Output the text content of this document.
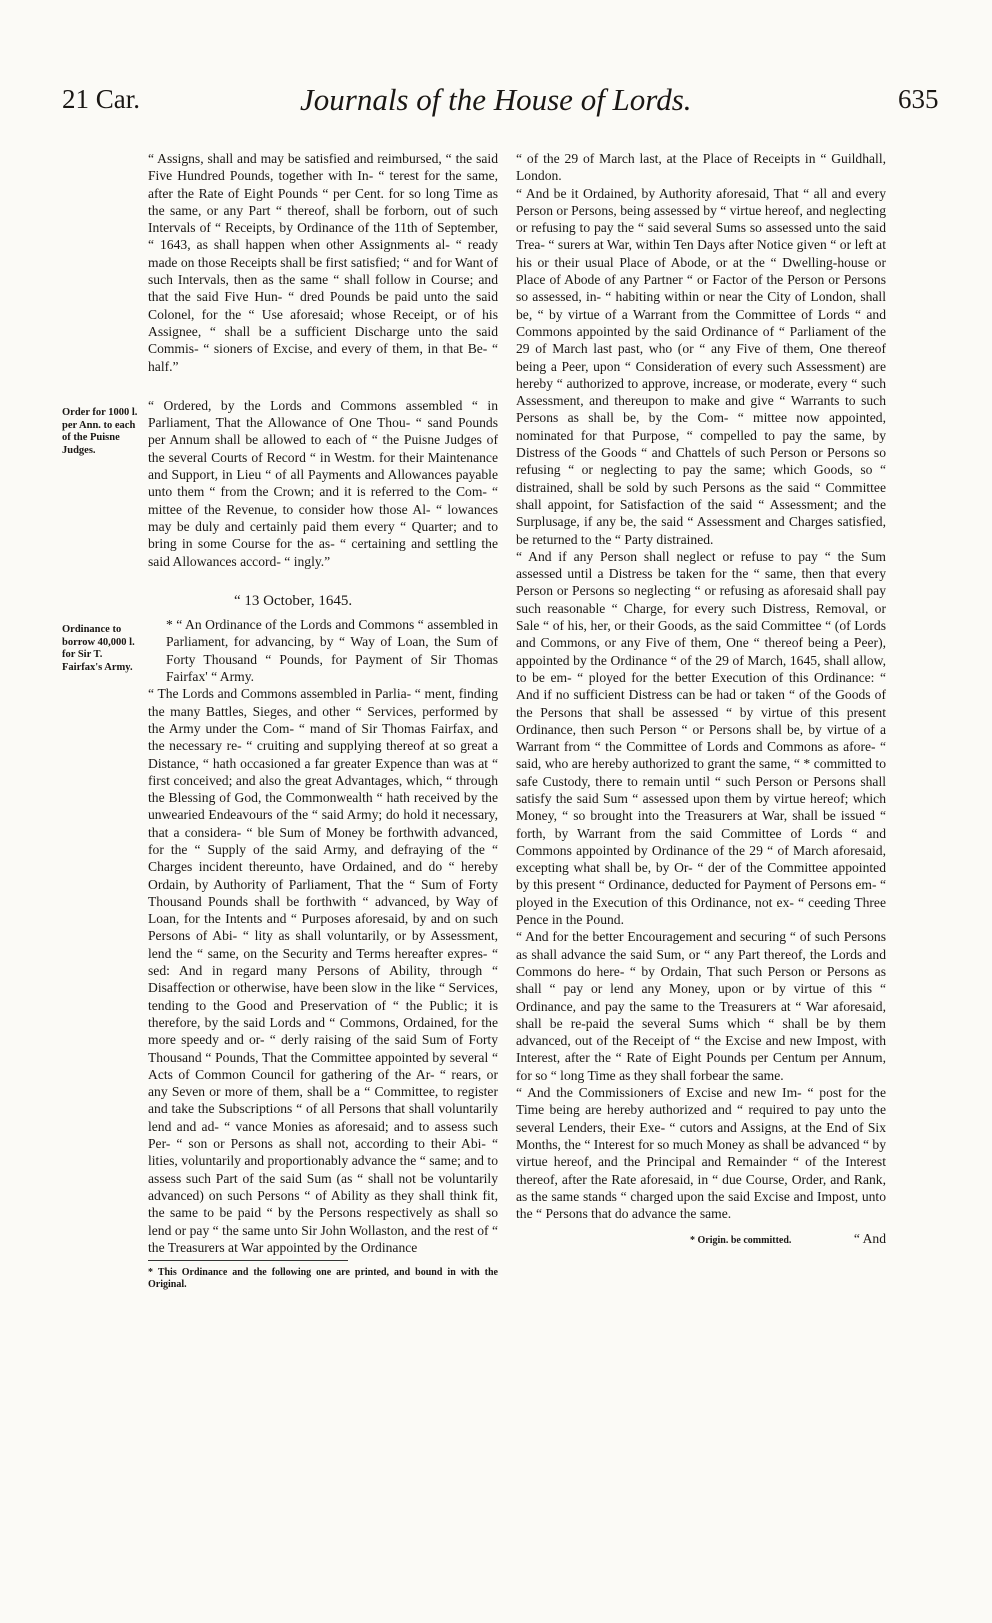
21 Car.	Journals of the House of Lords.	635
Order for 1000 l. per Ann. to each of the Puisne Judges.
Ordinance to borrow 40,000 l. for Sir T. Fairfax's Army.

“ Assigns, shall and may be satisfied and reimbursed, “ the said Five Hundred Pounds, together with In- “ terest for the same, after the Rate of Eight Pounds “ per Cent. for so long Time as the same, or any Part “ thereof, shall be forborn, out of such Intervals of “ Receipts, by Ordinance of the 11th of September, “ 1643, as shall happen when other Assignments al- “ ready made on those Receipts shall be first satisfied; “ and for Want of such Intervals, then as the same “ shall follow in Course; and that the said Five Hun- “ dred Pounds be paid unto the said Colonel, for the “ Use aforesaid; whose Receipt, or of his Assignee, “ shall be a sufficient Discharge unto the said Commis- “ sioners of Excise, and every of them, in that Be- “ half.”

“ Ordered, by the Lords and Commons assembled “ in Parliament, That the Allowance of One Thou- “ sand Pounds per Annum shall be allowed to each of “ the Puisne Judges of the several Courts of Record “ in Westm. for their Maintenance and Support, in Lieu “ of all Payments and Allowances payable unto them “ from the Crown; and it is referred to the Com- “ mittee of the Revenue, to consider how those Al- “ lowances may be duly and certainly paid them every “ Quarter; and to bring in some Course for the as- “ certaining and settling the said Allowances accord- “ ingly.”

“ 13 October, 1645.

* “ An Ordinance of the Lords and Commons “ assembled in Parliament, for advancing, by “ Way of Loan, the Sum of Forty Thousand “ Pounds, for Payment of Sir Thomas Fairfax' “ Army.

“ The Lords and Commons assembled in Parlia- “ ment, finding the many Battles, Sieges, and other “ Services, performed by the Army under the Com- “ mand of Sir Thomas Fairfax, and the necessary re- “ cruiting and supplying thereof at so great a Distance, “ hath occasioned a far greater Expence than was at “ first conceived; and also the great Advantages, which, “ through the Blessing of God, the Commonwealth “ hath received by the unwearied Endeavours of the “ said Army; do hold it necessary, that a considera- “ ble Sum of Money be forthwith advanced, for the “ Supply of the said Army, and defraying of the “ Charges incident thereunto, have Ordained, and do “ hereby Ordain, by Authority of Parliament, That the “ Sum of Forty Thousand Pounds shall be forthwith “ advanced, by Way of Loan, for the Intents and “ Purposes aforesaid, by and on such Persons of Abi- “ lity as shall voluntarily, or by Assessment, lend the “ same, on the Security and Terms hereafter expres- “ sed: And in regard many Persons of Ability, through “ Disaffection or otherwise, have been slow in the like “ Services, tending to the Good and Preservation of “ the Public; it is therefore, by the said Lords and “ Commons, Ordained, for the more speedy and or- “ derly raising of the said Sum of Forty Thousand “ Pounds, That the Committee appointed by several “ Acts of Common Council for gathering of the Ar- “ rears, or any Seven or more of them, shall be a “ Committee, to register and take the Subscriptions “ of all Persons that shall voluntarily lend and ad- “ vance Monies as aforesaid; and to assess such Per- “ son or Persons as shall not, according to their Abi- “ lities, voluntarily and proportionably advance the “ same; and to assess such Part of the said Sum (as “ shall not be voluntarily advanced) on such Persons “ of Ability as they shall think fit, the same to be paid “ by the Persons respectively as shall so lend or pay “ the same unto Sir John Wollaston, and the rest of “ the Treasurers at War appointed by the Ordinance

* This Ordinance and the following one are printed, and bound in with the Original.

“ of the 29 of March last, at the Place of Receipts in “ Guildhall, London.

“ And be it Ordained, by Authority aforesaid, That “ all and every Person or Persons, being assessed by “ virtue hereof, and neglecting or refusing to pay the “ said several Sums so assessed unto the said Trea- “ surers at War, within Ten Days after Notice given “ or left at his or their usual Place of Abode, or at the “ Dwelling-house or Place of Abode of any Partner “ or Factor of the Person or Persons so assessed, in- “ habiting within or near the City of London, shall be, “ by virtue of a Warrant from the Committee of Lords “ and Commons appointed by the said Ordinance of “ Parliament of the 29 of March last past, who (or “ any Five of them, One thereof being a Peer, upon “ Consideration of every such Assessment) are hereby “ authorized to approve, increase, or moderate, every “ such Assessment, and thereupon to make and give “ Warrants to such Persons as shall be, by the Com- “ mittee now appointed, nominated for that Purpose, “ compelled to pay the same, by Distress of the Goods “ and Chattels of such Person or Persons so refusing “ or neglecting to pay the same; which Goods, so “ distrained, shall be sold by such Persons as the said “ Committee shall appoint, for Satisfaction of the said “ Assessment; and the Surplusage, if any be, the said “ Assessment and Charges satisfied, be returned to the “ Party distrained.

“ And if any Person shall neglect or refuse to pay “ the Sum assessed until a Distress be taken for the “ same, then that every Person or Persons so neglecting “ or refusing as aforesaid shall pay such reasonable “ Charge, for every such Distress, Removal, or Sale “ of his, her, or their Goods, as the said Committee “ (of Lords and Commons, or any Five of them, One “ thereof being a Peer), appointed by the Ordinance “ of the 29 of March, 1645, shall allow, to be em- “ ployed for the better Execution of this Ordinance: “ And if no sufficient Distress can be had or taken “ of the Goods of the Persons that shall be assessed “ by virtue of this present Ordinance, then such Person “ or Persons shall be, by virtue of a Warrant from “ the Committee of Lords and Commons as afore- “ said, who are hereby authorized to grant the same, “ * committed to safe Custody, there to remain until “ such Person or Persons shall satisfy the said Sum “ assessed upon them by virtue hereof; which Money, “ so brought into the Treasurers at War, shall be issued “ forth, by Warrant from the said Committee of Lords “ and Commons appointed by Ordinance of the 29 “ of March aforesaid, excepting what shall be, by Or- “ der of the Committee appointed by this present “ Ordinance, deducted for Payment of Persons em- “ ployed in the Execution of this Ordinance, not ex- “ ceeding Three Pence in the Pound.

“ And for the better Encouragement and securing “ of such Persons as shall advance the said Sum, or “ any Part thereof, the Lords and Commons do here- “ by Ordain, That such Person or Persons as shall “ pay or lend any Money, upon or by virtue of this “ Ordinance, and pay the same to the Treasurers at “ War aforesaid, shall be re-paid the several Sums which “ shall be by them advanced, out of the Receipt of “ the Excise and new Impost, with Interest, after the “ Rate of Eight Pounds per Centum per Annum, for so “ long Time as they shall forbear the same.

“ And the Commissioners of Excise and new Im- “ post for the Time being are hereby authorized and “ required to pay unto the several Lenders, their Exe- “ cutors and Assigns, at the End of Six Months, the “ Interest for so much Money as shall be advanced “ by virtue hereof, and the Principal and Remainder “ of the Interest thereof, after the Rate aforesaid, in “ due Course, Order, and Rank, as the same stands “ charged upon the said Excise and Impost, unto the “ Persons that do advance the same.

* Origin. be committed.	“ And
